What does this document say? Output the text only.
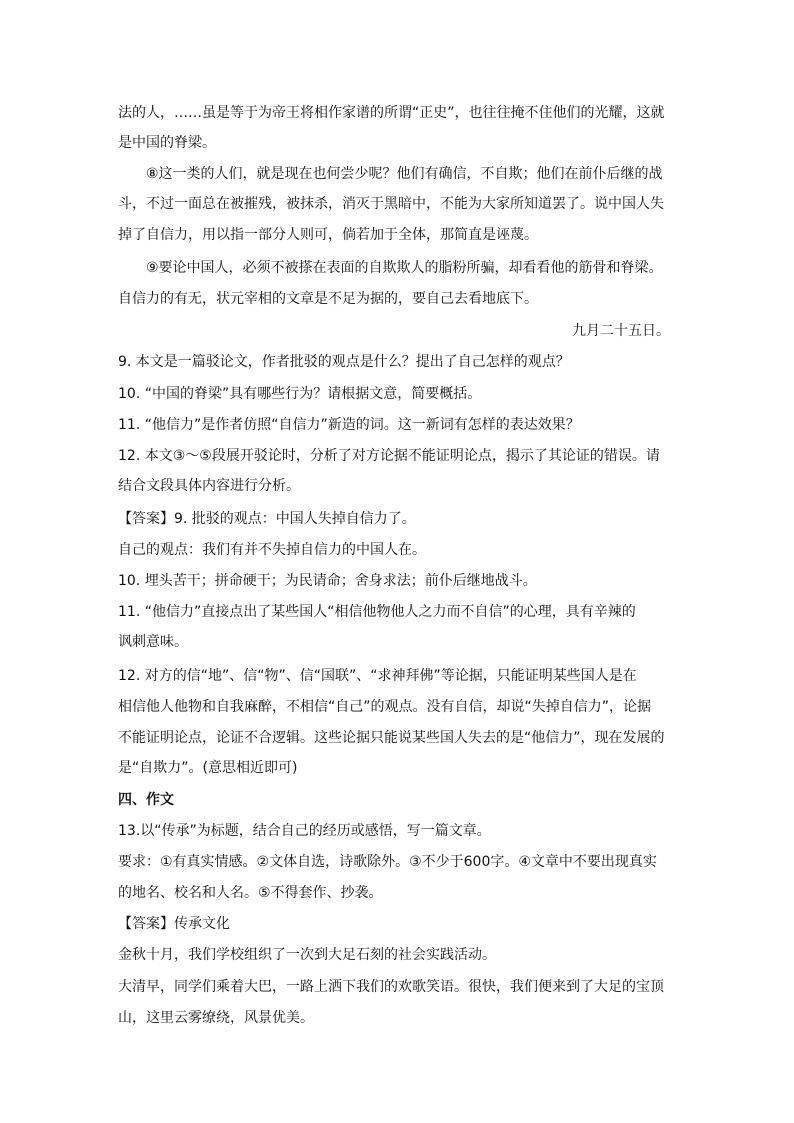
法的人，……虽是等于为帝王将相作家谱的所谓“正史”，也往往掩不住他们的光耀，这就
是中国的脊梁。
⑧这一类的人们，就是现在也何尝少呢？他们有确信，不自欺；他们在前仆后继的战
斗，不过一面总在被摧残，被抹杀，消灭于黑暗中，不能为大家所知道罢了。说中国人失
掉了自信力，用以指一部分人则可，倘若加于全体，那简直是诬蔑。
⑨要论中国人，必须不被搽在表面的自欺欺人的脂粉所骗，却看看他的筋骨和脊梁。
自信力的有无，状元宰相的文章是不足为据的，要自己去看地底下。
九月二十五日。
9. 本文是一篇驳论文，作者批驳的观点是什么？提出了自己怎样的观点？
10. “中国的脊梁”具有哪些行为？请根据文意，简要概括。
11. “他信力”是作者仿照“自信力”新造的词。这一新词有怎样的表达效果？
12. 本文③～⑤段展开驳论时，分析了对方论据不能证明论点，揭示了其论证的错误。请
结合文段具体内容进行分析。
【答案】9. 批驳的观点：中国人失掉自信力了。
自己的观点：我们有并不失掉自信力的中国人在。
10. 埋头苦干；拼命硬干；为民请命；舍身求法；前仆后继地战斗。
11. “他信力”直接点出了某些国人“相信他物他人之力而不自信”的心理，具有辛辣的
讽刺意味。
12. 对方的信“地”、信“物”、信“国联”、“求神拜佛”等论据，只能证明某些国人是在
相信他人他物和自我麻醉，不相信“自己”的观点。没有自信，却说“失掉自信力”，论据
不能证明论点，论证不合逻辑。这些论据只能说某些国人失去的是“他信力”，现在发展的
是“自欺力”。(意思相近即可)
四、作文
13.以“传承”为标题，结合自己的经历或感悟，写一篇文章。
要求：①有真实情感。②文体自选，诗歌除外。③不少于600字。④文章中不要出现真实
的地名、校名和人名。⑤不得套作、抄袭。
【答案】传承文化
金秋十月，我们学校组织了一次到大足石刻的社会实践活动。
大清早，同学们乘着大巴，一路上洒下我们的欢歌笑语。很快，我们便来到了大足的宝顶
山，这里云雾缭绕，风景优美。
